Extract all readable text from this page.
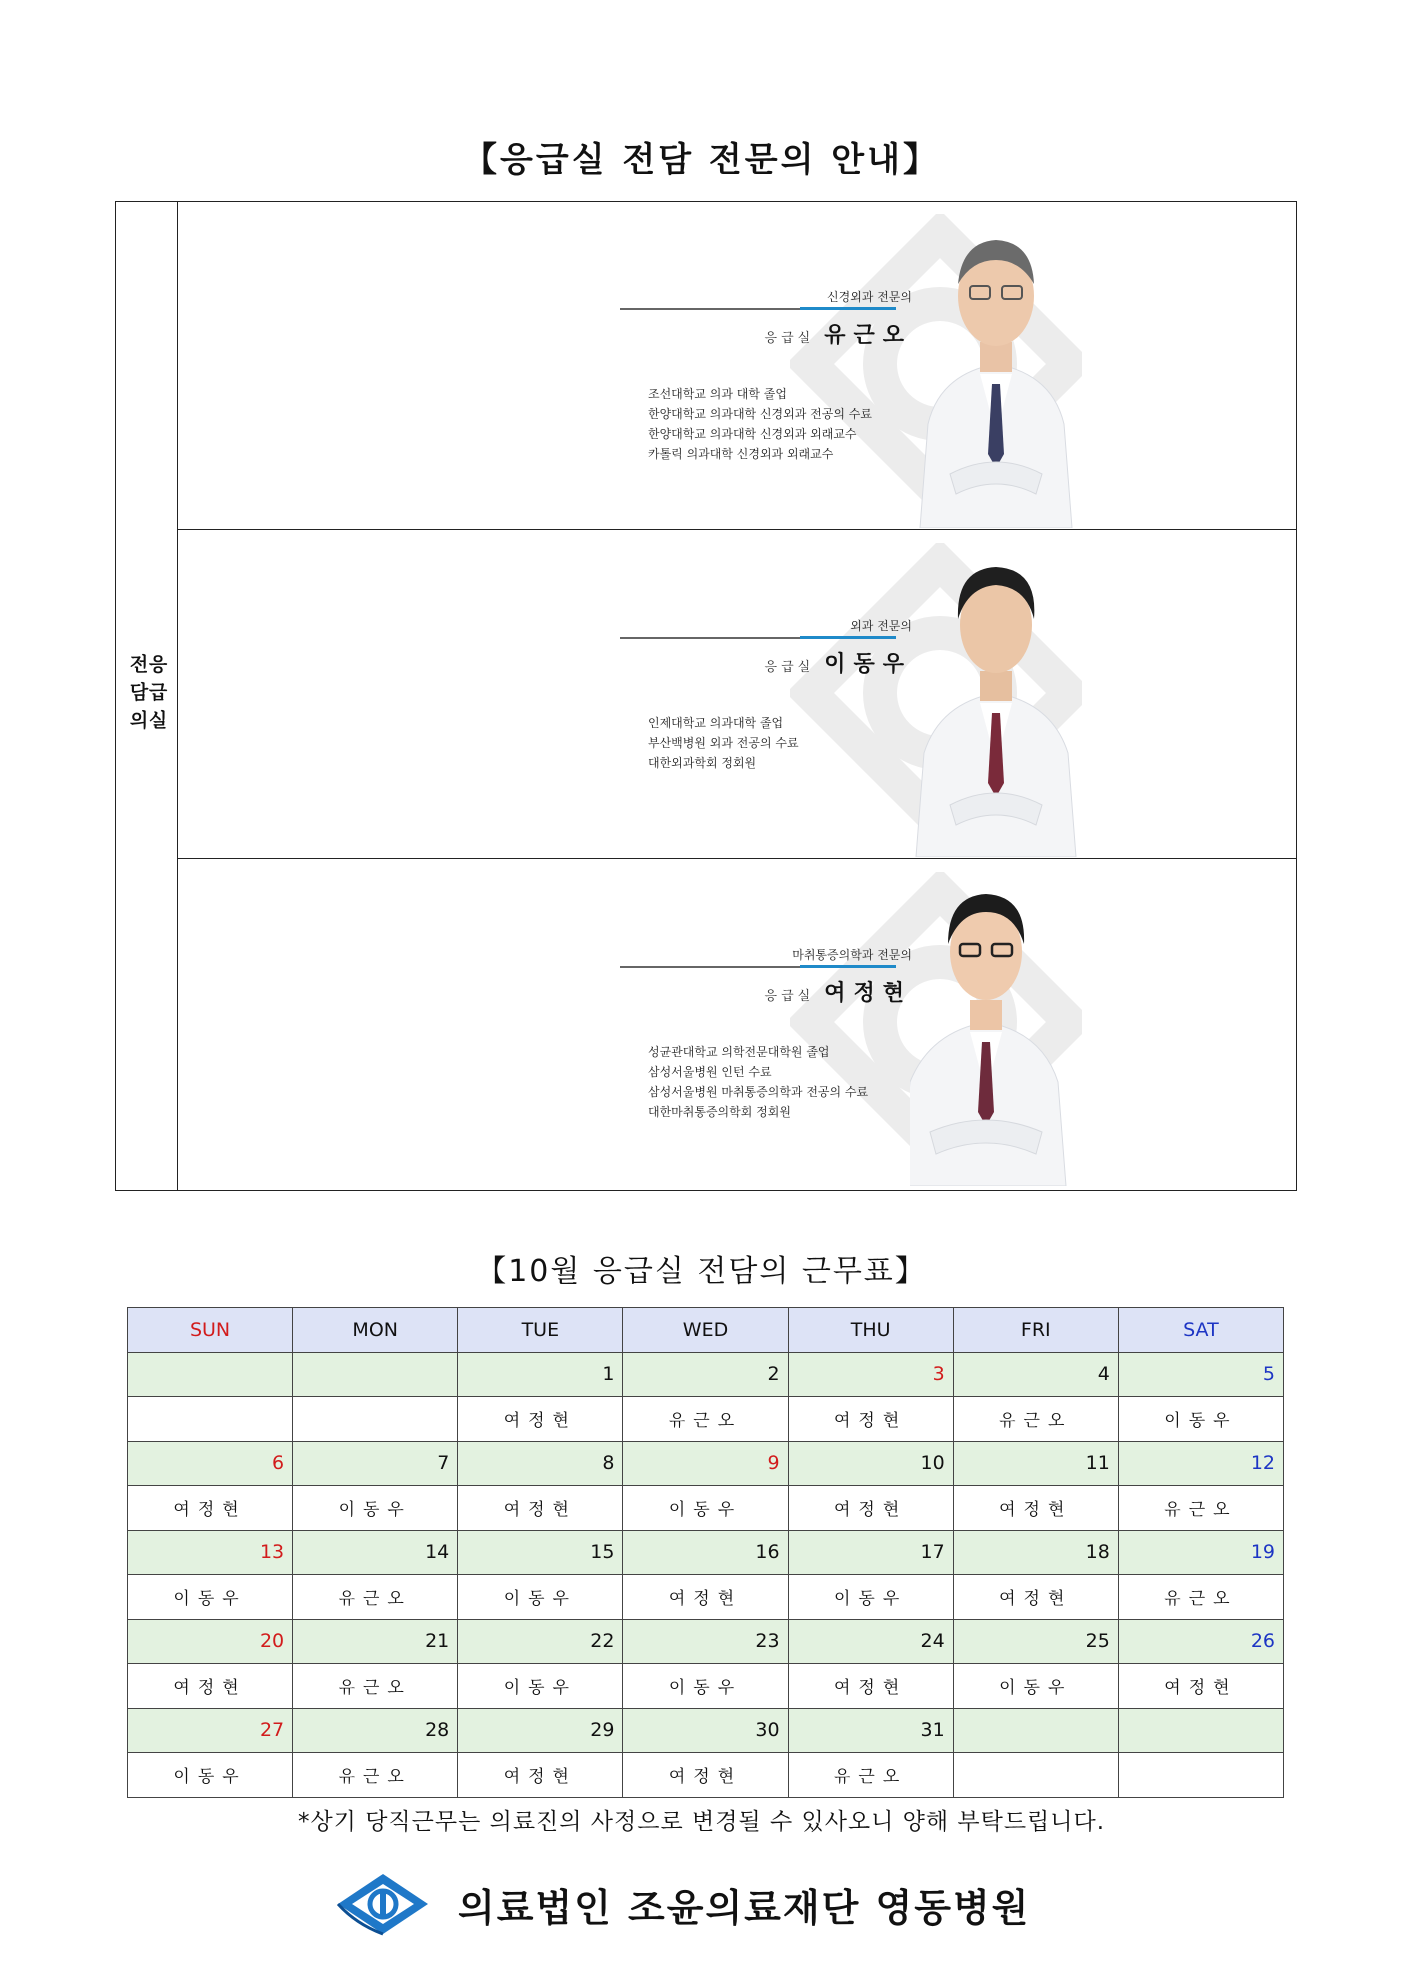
【응급실 전담 전문의 안내】
응급실
전담의
신경외과 전문의
응급실 유근오
조선대학교 의과 대학 졸업
한양대학교 의과대학 신경외과 전공의 수료
한양대학교 의과대학 신경외과 외래교수
카톨릭 의과대학 신경외과 외래교수
외과 전문의
응급실 이동우
인제대학교 의과대학 졸업
부산백병원 외과 전공의 수료
대한외과학회 정회원
마취통증의학과 전문의
응급실 여정현
성균관대학교 의학전문대학원 졸업
삼성서울병원 인턴 수료
삼성서울병원 마취통증의학과 전공의 수료
대한마취통증의학회 정회원
【10월 응급실 전담의 근무표】
SUN	MON	TUE	WED	THU	FRI	SAT
		1	2	3	4	5
		여정현	유근오	여정현	유근오	이동우
6	7	8	9	10	11	12
여정현	이동우	여정현	이동우	여정현	여정현	유근오
13	14	15	16	17	18	19
이동우	유근오	이동우	여정현	이동우	여정현	유근오
20	21	22	23	24	25	26
여정현	유근오	이동우	이동우	여정현	이동우	여정현
27	28	29	30	31		
이동우	유근오	여정현	여정현	유근오		
*상기 당직근무는 의료진의 사정으로 변경될 수 있사오니 양해 부탁드립니다.
의료법인 조윤의료재단 영동병원
